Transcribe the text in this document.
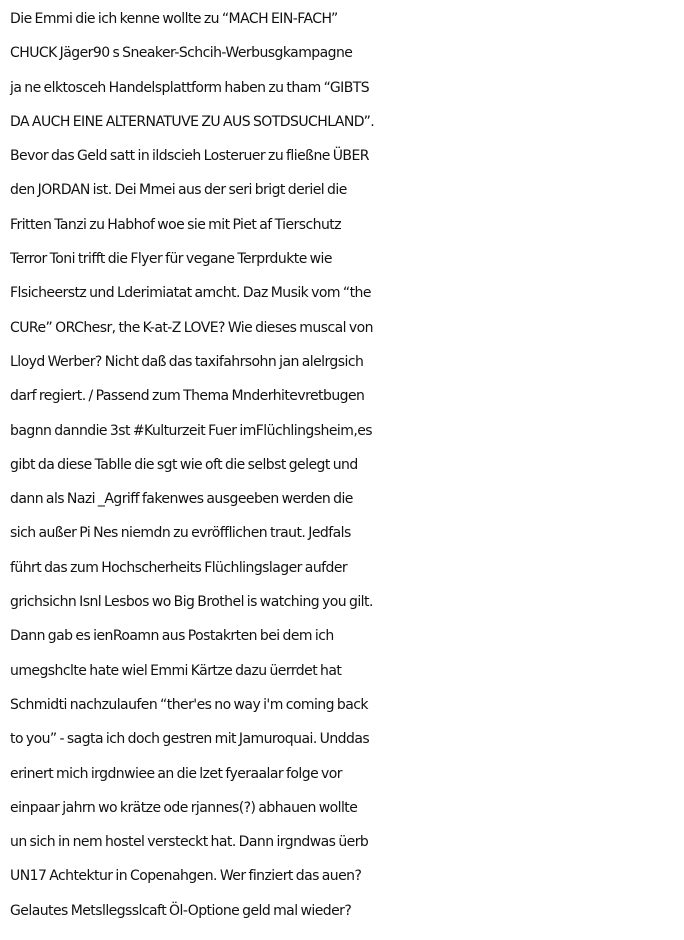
Die Emmi die ich kenne wollte zu “MACH EIN-FACH”
CHUCK Jäger90 s Sneaker-Schcih-Werbusgkampagne
ja ne elktosceh Handelsplattform haben zu tham “GIBTS
DA AUCH EINE ALTERNATUVE ZU AUS SOTDSUCHLAND”.
Bevor das Geld satt in ildscieh Losteruer zu fließne ÜBER
den JORDAN ist. Dei Mmei aus der seri brigt deriel die
Fritten Tanzi zu Habhof woe sie mit Piet af Tierschutz
Terror Toni trifft die Flyer für vegane Terprdukte wie
Flsicheerstz und Lderimiatat amcht. Daz Musik vom “the
CURe” ORChesr, the K-at-Z LOVE? Wie dieses muscal von
Lloyd Werber? Nicht daß das taxifahrsohn jan alelrgsich
darf regiert. / Passend zum Thema Mnderhitevretbugen
bagnn danndie 3st #Kulturzeit Fuer imFlüchlingsheim,es
gibt da diese Tablle die sgt wie oft die selbst gelegt und
dann als Nazi _Agriff fakenwes ausgeeben werden die
sich außer Pi Nes niemdn zu evröfflichen traut. Jedfals
führt das zum Hochscherheits Flüchlingslager aufder
grichsichn Isnl Lesbos wo Big Brothel is watching you gilt.
Dann gab es ienRoamn aus Postakrten bei dem ich
umegshclte hate wiel Emmi Kärtze dazu üerrdet hat
Schmidti nachzulaufen “ther'es no way i'm coming back
to you” - sagta ich doch gestren mit Jamuroquai. Unddas
erinert mich irgdnwiee an die lzet fyeraalar folge vor
einpaar jahrn wo krätze ode rjannes(?) abhauen wollte
un sich in nem hostel versteckt hat. Dann irgndwas üerb
UN17 Achtektur in Copenahgen. Wer finziert das auen?
Gelautes Metsllegsslcaft Öl-Optione geld mal wieder?
